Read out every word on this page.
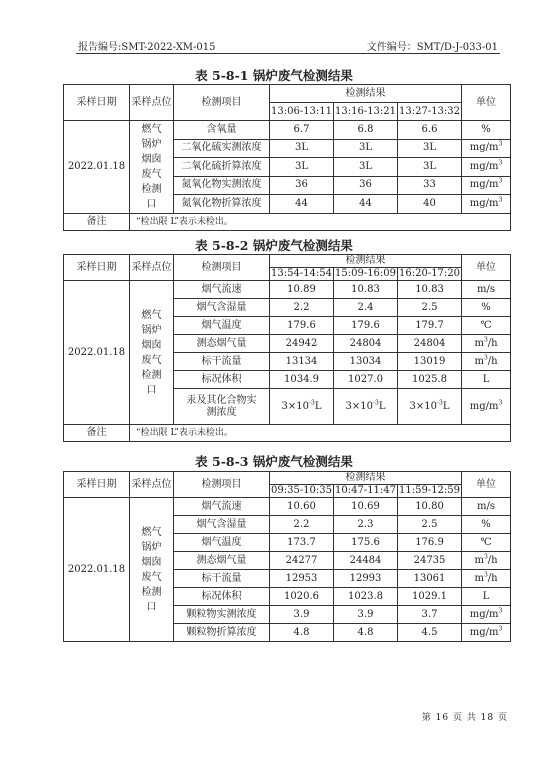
报告编号:SMT-2022-XM-015	文件编号：SMT/D-J-033-01
表 5-8-1 锅炉废气检测结果
采样日期	采样点位	检测项目	检测结果			单位
			13:06-13:11	13:16-13:21	13:27-13:32	
2022.01.18	燃气锅炉烟囱废气检测口	含氧量	6.7	6.8	6.6	%
		二氧化硫实测浓度	3L	3L	3L	$mg/m^3$
		二氧化硫折算浓度	3L	3L	3L	$mg/m^3$
		氮氧化物实测浓度	36	36	33	$mg/m^3$
		氮氧化物折算浓度	44	44	40	$mg/m^3$
备注	“检出限 L”表示未检出。					
表 5-8-2 锅炉废气检测结果
采样日期	采样点位	检测项目	检测结果			单位
			13:54-14:54	15:09-16:09	16:20-17:20	
2022.01.18	燃气锅炉烟囱废气检测口	烟气流速	10.89	10.83	10.83	m/s
		烟气含湿量	2.2	2.4	2.5	%
		烟气温度	179.6	179.6	179.7	℃
		测态烟气量	24942	24804	24804	$m^3/h$
		标干流量	13134	13034	13019	$m^3/h$
		标况体积	1034.9	1027.0	1025.8	L
		汞及其化合物实测浓度	$3\times 10^{-3}L$	$3\times 10^{-3}L$	$3\times 10^{-3}L$	$mg/m^3$
备注	“检出限 L”表示未检出。					
表 5-8-3 锅炉废气检测结果
采样日期	采样点位	检测项目	检测结果			单位
			09:35-10:35	10:47-11:47	11:59-12:59	
2022.01.18	燃气锅炉烟囱废气检测口	烟气流速	10.60	10.69	10.80	m/s
		烟气含湿量	2.2	2.3	2.5	%
		烟气温度	173.7	175.6	176.9	℃
		测态烟气量	24277	24484	24735	$m^3/h$
		标干流量	12953	12993	13061	$m^3/h$
		标况体积	1020.6	1023.8	1029.1	L
		颗粒物实测浓度	3.9	3.9	3.7	$mg/m^3$
		颗粒物折算浓度	4.8	4.8	4.5	$mg/m^3$
第 16 页 共 18 页
